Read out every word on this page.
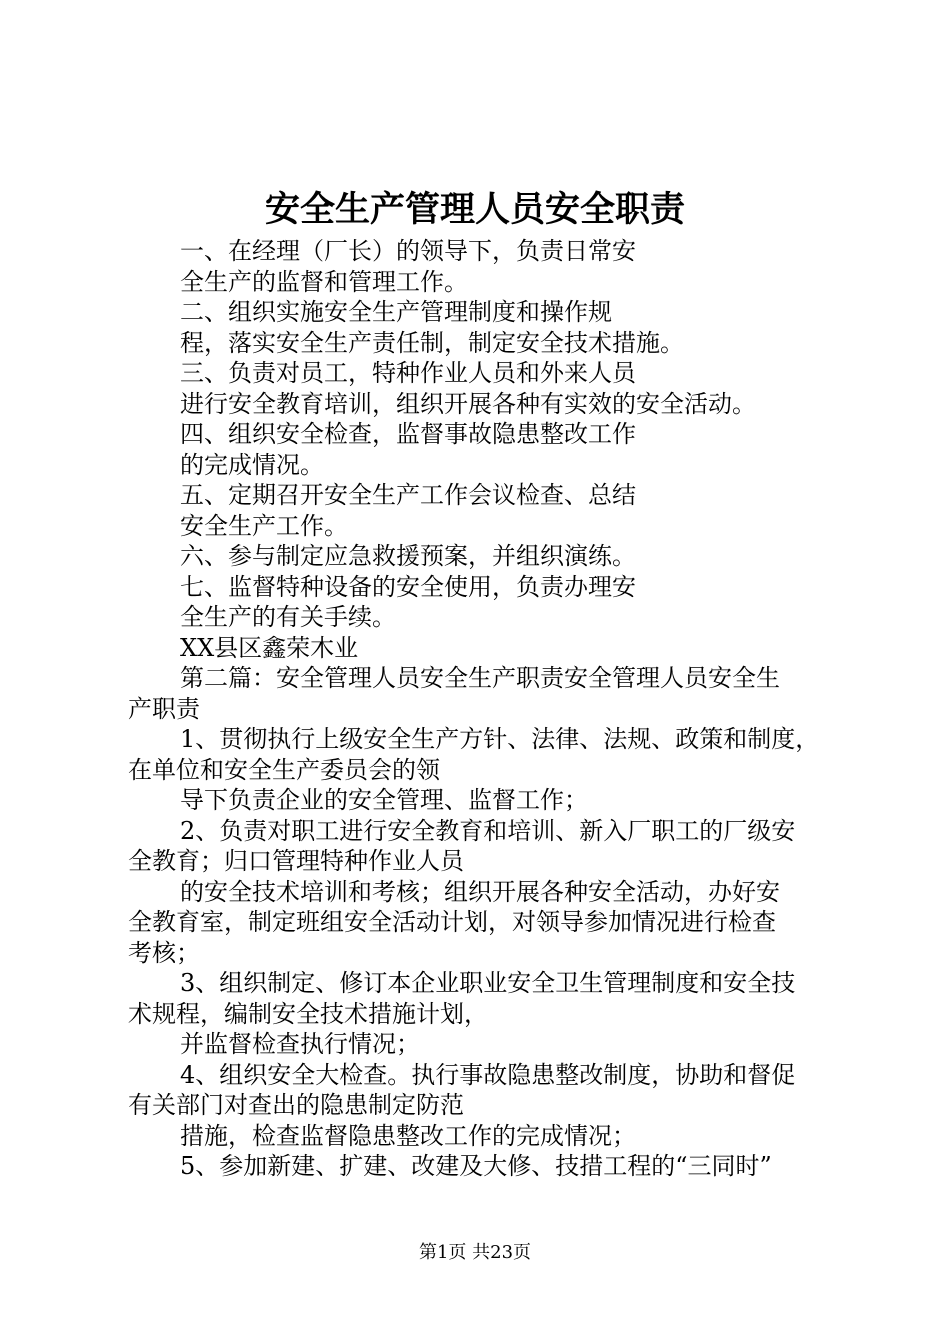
安全生产管理人员安全职责

一、在经理（厂长）的领导下，负责日常安

全生产的监督和管理工作。

二、组织实施安全生产管理制度和操作规

程，落实安全生产责任制，制定安全技术措施。

三、负责对员工，特种作业人员和外来人员

进行安全教育培训，组织开展各种有实效的安全活动。

四、组织安全检查，监督事故隐患整改工作

的完成情况。

五、定期召开安全生产工作会议检查、总结

安全生产工作。

六、参与制定应急救援预案，并组织演练。

七、监督特种设备的安全使用，负责办理安

全生产的有关手续。

XX县区鑫荣木业

第二篇：安全管理人员安全生产职责安全管理人员安全生

产职责

1、贯彻执行上级安全生产方针、法律、法规、政策和制度，

在单位和安全生产委员会的领

导下负责企业的安全管理、监督工作；

2、负责对职工进行安全教育和培训、新入厂职工的厂级安

全教育；归口管理特种作业人员

的安全技术培训和考核；组织开展各种安全活动，办好安

全教育室，制定班组安全活动计划，对领导参加情况进行检查

考核；

3、组织制定、修订本企业职业安全卫生管理制度和安全技

术规程，编制安全技术措施计划，

并监督检查执行情况；

4、组织安全大检查。执行事故隐患整改制度，协助和督促

有关部门对查出的隐患制定防范

措施，检查监督隐患整改工作的完成情况；

5、参加新建、扩建、改建及大修、技措工程的“三同时”

第1页 共23页
